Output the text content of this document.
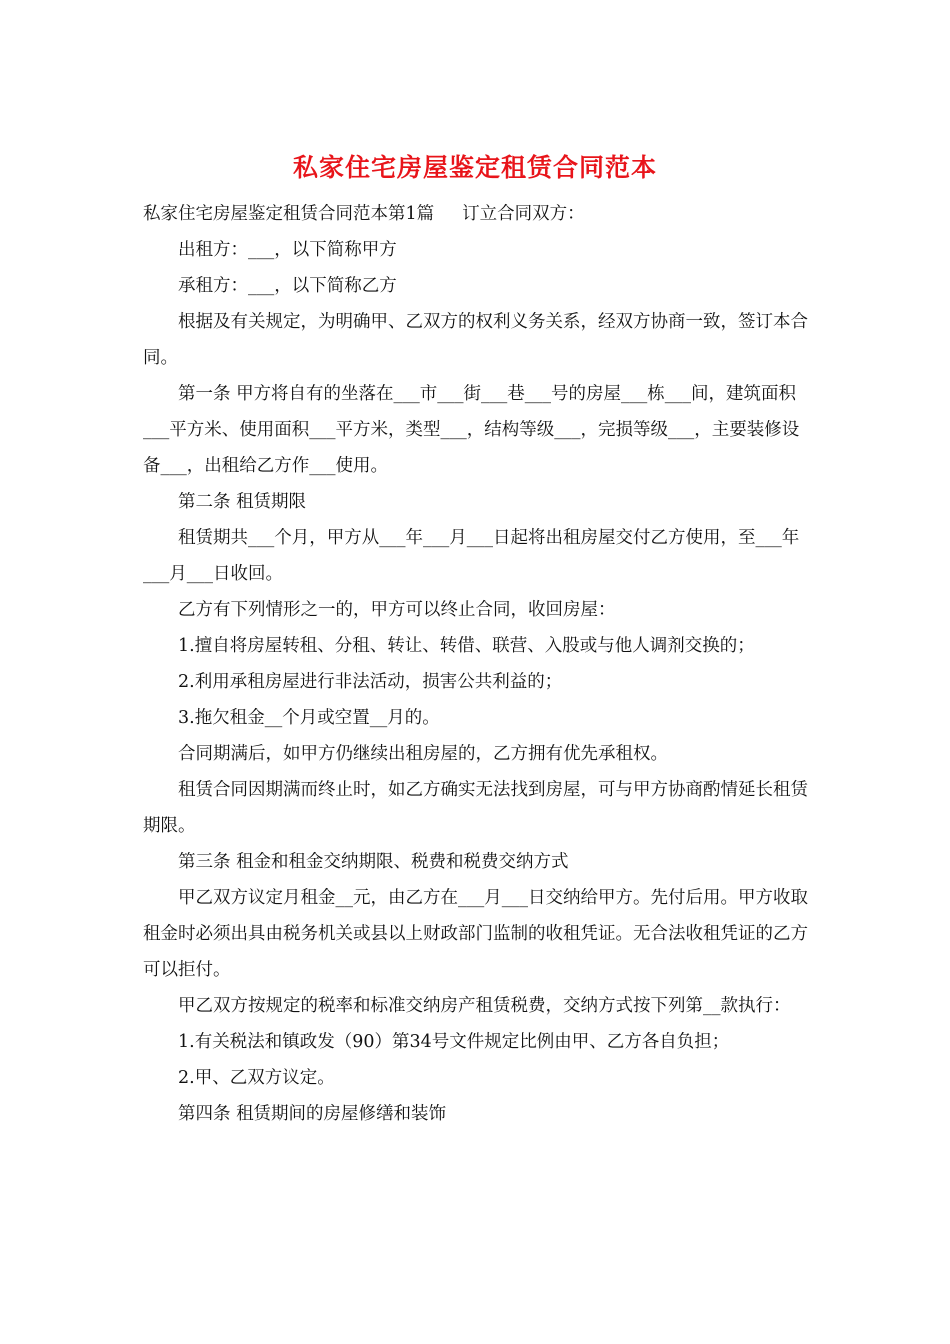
私家住宅房屋鉴定租赁合同范本

私家住宅房屋鉴定租赁合同范本第1篇 订立合同双方：

出租方：___，以下简称甲方

承租方：___，以下简称乙方

根据及有关规定，为明确甲、乙双方的权利义务关系，经双方协商一致，签订本合同。

第一条 甲方将自有的坐落在___市___街___巷___号的房屋___栋___间，建筑面积___平方米、使用面积___平方米，类型___，结构等级___，完损等级___，主要装修设备___，出租给乙方作___使用。

第二条 租赁期限

租赁期共___个月，甲方从___年___月___日起将出租房屋交付乙方使用，至___年___月___日收回。

乙方有下列情形之一的，甲方可以终止合同，收回房屋：

1.擅自将房屋转租、分租、转让、转借、联营、入股或与他人调剂交换的；

2.利用承租房屋进行非法活动，损害公共利益的；

3.拖欠租金__个月或空置__月的。

合同期满后，如甲方仍继续出租房屋的，乙方拥有优先承租权。

租赁合同因期满而终止时，如乙方确实无法找到房屋，可与甲方协商酌情延长租赁期限。

第三条 租金和租金交纳期限、税费和税费交纳方式

甲乙双方议定月租金__元，由乙方在___月___日交纳给甲方。先付后用。甲方收取租金时必须出具由税务机关或县以上财政部门监制的收租凭证。无合法收租凭证的乙方可以拒付。

甲乙双方按规定的税率和标准交纳房产租赁税费，交纳方式按下列第__款执行：

1.有关税法和镇政发（90）第34号文件规定比例由甲、乙方各自负担；

2.甲、乙双方议定。

第四条 租赁期间的房屋修缮和装饰
